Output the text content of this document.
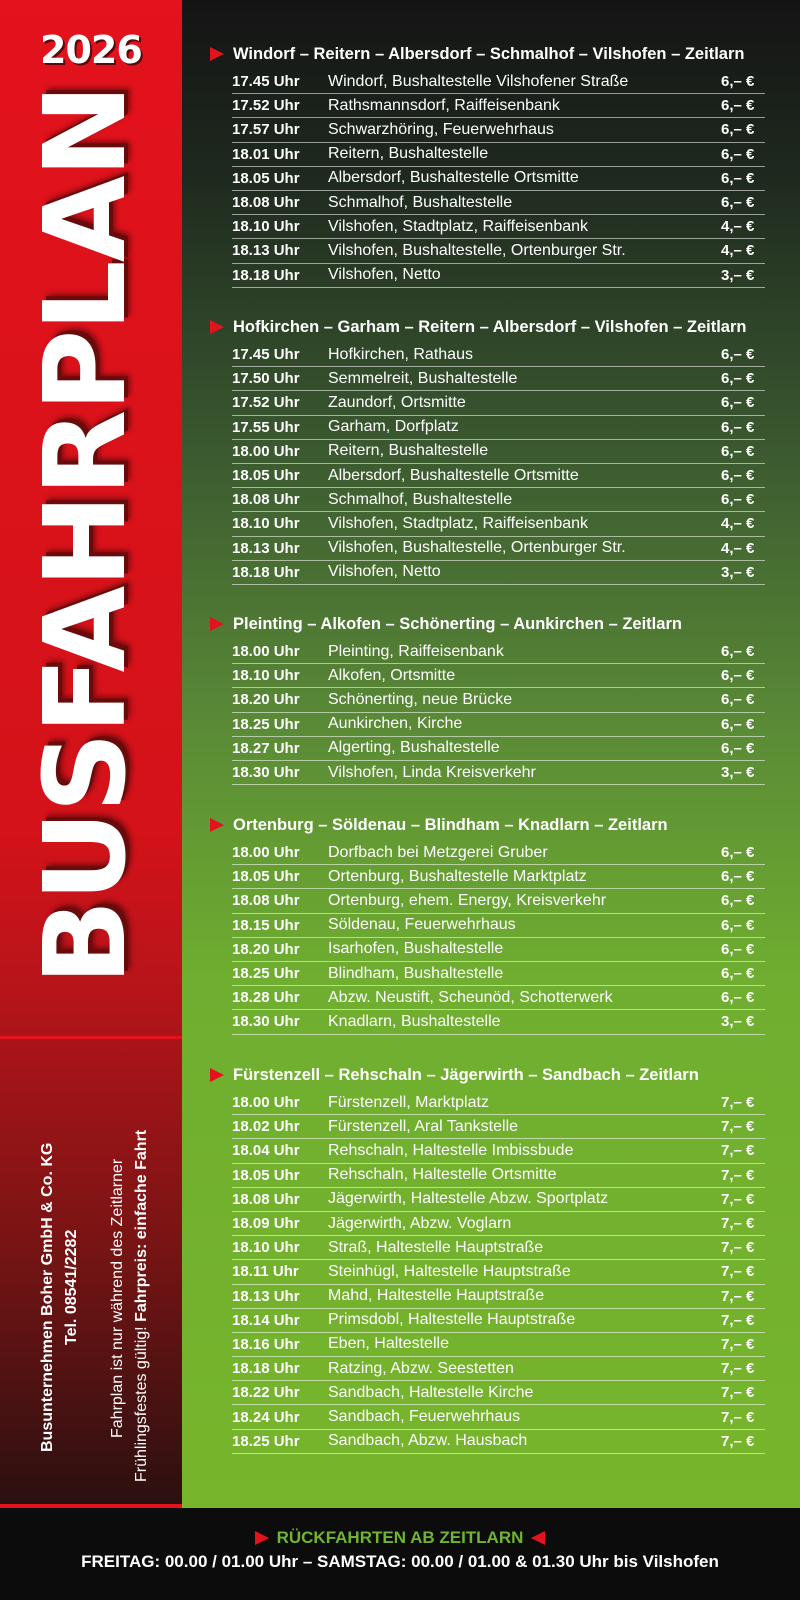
2026
BUSFAHRPLAN
Busunternehmen Boher GmbH & Co. KG Tel. 08541/2282 Fahrplan ist nur während des Zeitlarner Frühlingsfestes gültig! Fahrpreis: einfache Fahrt
Windorf – Reitern – Albersdorf – Schmalhof – Vilshofen – Zeitlarn
17.45 Uhr	Windorf, Bushaltestelle Vilshofener Straße	6,– €
17.52 Uhr	Rathsmannsdorf, Raiffeisenbank	6,– €
17.57 Uhr	Schwarzhöring, Feuerwehrhaus	6,– €
18.01 Uhr	Reitern, Bushaltestelle	6,– €
18.05 Uhr	Albersdorf, Bushaltestelle Ortsmitte	6,– €
18.08 Uhr	Schmalhof, Bushaltestelle	6,– €
18.10 Uhr	Vilshofen, Stadtplatz, Raiffeisenbank	4,– €
18.13 Uhr	Vilshofen, Bushaltestelle, Ortenburger Str.	4,– €
18.18 Uhr	Vilshofen, Netto	3,– €
Hofkirchen – Garham – Reitern – Albersdorf – Vilshofen – Zeitlarn
17.45 Uhr	Hofkirchen, Rathaus	6,– €
17.50 Uhr	Semmelreit, Bushaltestelle	6,– €
17.52 Uhr	Zaundorf, Ortsmitte	6,– €
17.55 Uhr	Garham, Dorfplatz	6,– €
18.00 Uhr	Reitern, Bushaltestelle	6,– €
18.05 Uhr	Albersdorf, Bushaltestelle Ortsmitte	6,– €
18.08 Uhr	Schmalhof, Bushaltestelle	6,– €
18.10 Uhr	Vilshofen, Stadtplatz, Raiffeisenbank	4,– €
18.13 Uhr	Vilshofen, Bushaltestelle, Ortenburger Str.	4,– €
18.18 Uhr	Vilshofen, Netto	3,– €
Pleinting – Alkofen – Schönerting – Aunkirchen – Zeitlarn
18.00 Uhr	Pleinting, Raiffeisenbank	6,– €
18.10 Uhr	Alkofen, Ortsmitte	6,– €
18.20 Uhr	Schönerting, neue Brücke	6,– €
18.25 Uhr	Aunkirchen, Kirche	6,– €
18.27 Uhr	Algerting, Bushaltestelle	6,– €
18.30 Uhr	Vilshofen, Linda Kreisverkehr	3,– €
Ortenburg – Söldenau – Blindham – Knadlarn – Zeitlarn
18.00 Uhr	Dorfbach bei Metzgerei Gruber	6,– €
18.05 Uhr	Ortenburg, Bushaltestelle Marktplatz	6,– €
18.08 Uhr	Ortenburg, ehem. Energy, Kreisverkehr	6,– €
18.15 Uhr	Söldenau, Feuerwehrhaus	6,– €
18.20 Uhr	Isarhofen, Bushaltestelle	6,– €
18.25 Uhr	Blindham, Bushaltestelle	6,– €
18.28 Uhr	Abzw. Neustift, Scheunöd, Schotterwerk	6,– €
18.30 Uhr	Knadlarn, Bushaltestelle	3,– €
Fürstenzell – Rehschaln – Jägerwirth – Sandbach – Zeitlarn
18.00 Uhr	Fürstenzell, Marktplatz	7,– €
18.02 Uhr	Fürstenzell, Aral Tankstelle	7,– €
18.04 Uhr	Rehschaln, Haltestelle Imbissbude	7,– €
18.05 Uhr	Rehschaln, Haltestelle Ortsmitte	7,– €
18.08 Uhr	Jägerwirth, Haltestelle Abzw. Sportplatz	7,– €
18.09 Uhr	Jägerwirth, Abzw. Voglarn	7,– €
18.10 Uhr	Straß, Haltestelle Hauptstraße	7,– €
18.11 Uhr	Steinhügl, Haltestelle Hauptstraße	7,– €
18.13 Uhr	Mahd, Haltestelle Hauptstraße	7,– €
18.14 Uhr	Primsdobl, Haltestelle Hauptstraße	7,– €
18.16 Uhr	Eben, Haltestelle	7,– €
18.18 Uhr	Ratzing, Abzw. Seestetten	7,– €
18.22 Uhr	Sandbach, Haltestelle Kirche	7,– €
18.24 Uhr	Sandbach, Feuerwehrhaus	7,– €
18.25 Uhr	Sandbach, Abzw. Hausbach	7,– €
RÜCKFAHRTEN AB ZEITLARN
FREITAG: 00.00 / 01.00 Uhr – SAMSTAG: 00.00 / 01.00 & 01.30 Uhr bis Vilshofen
